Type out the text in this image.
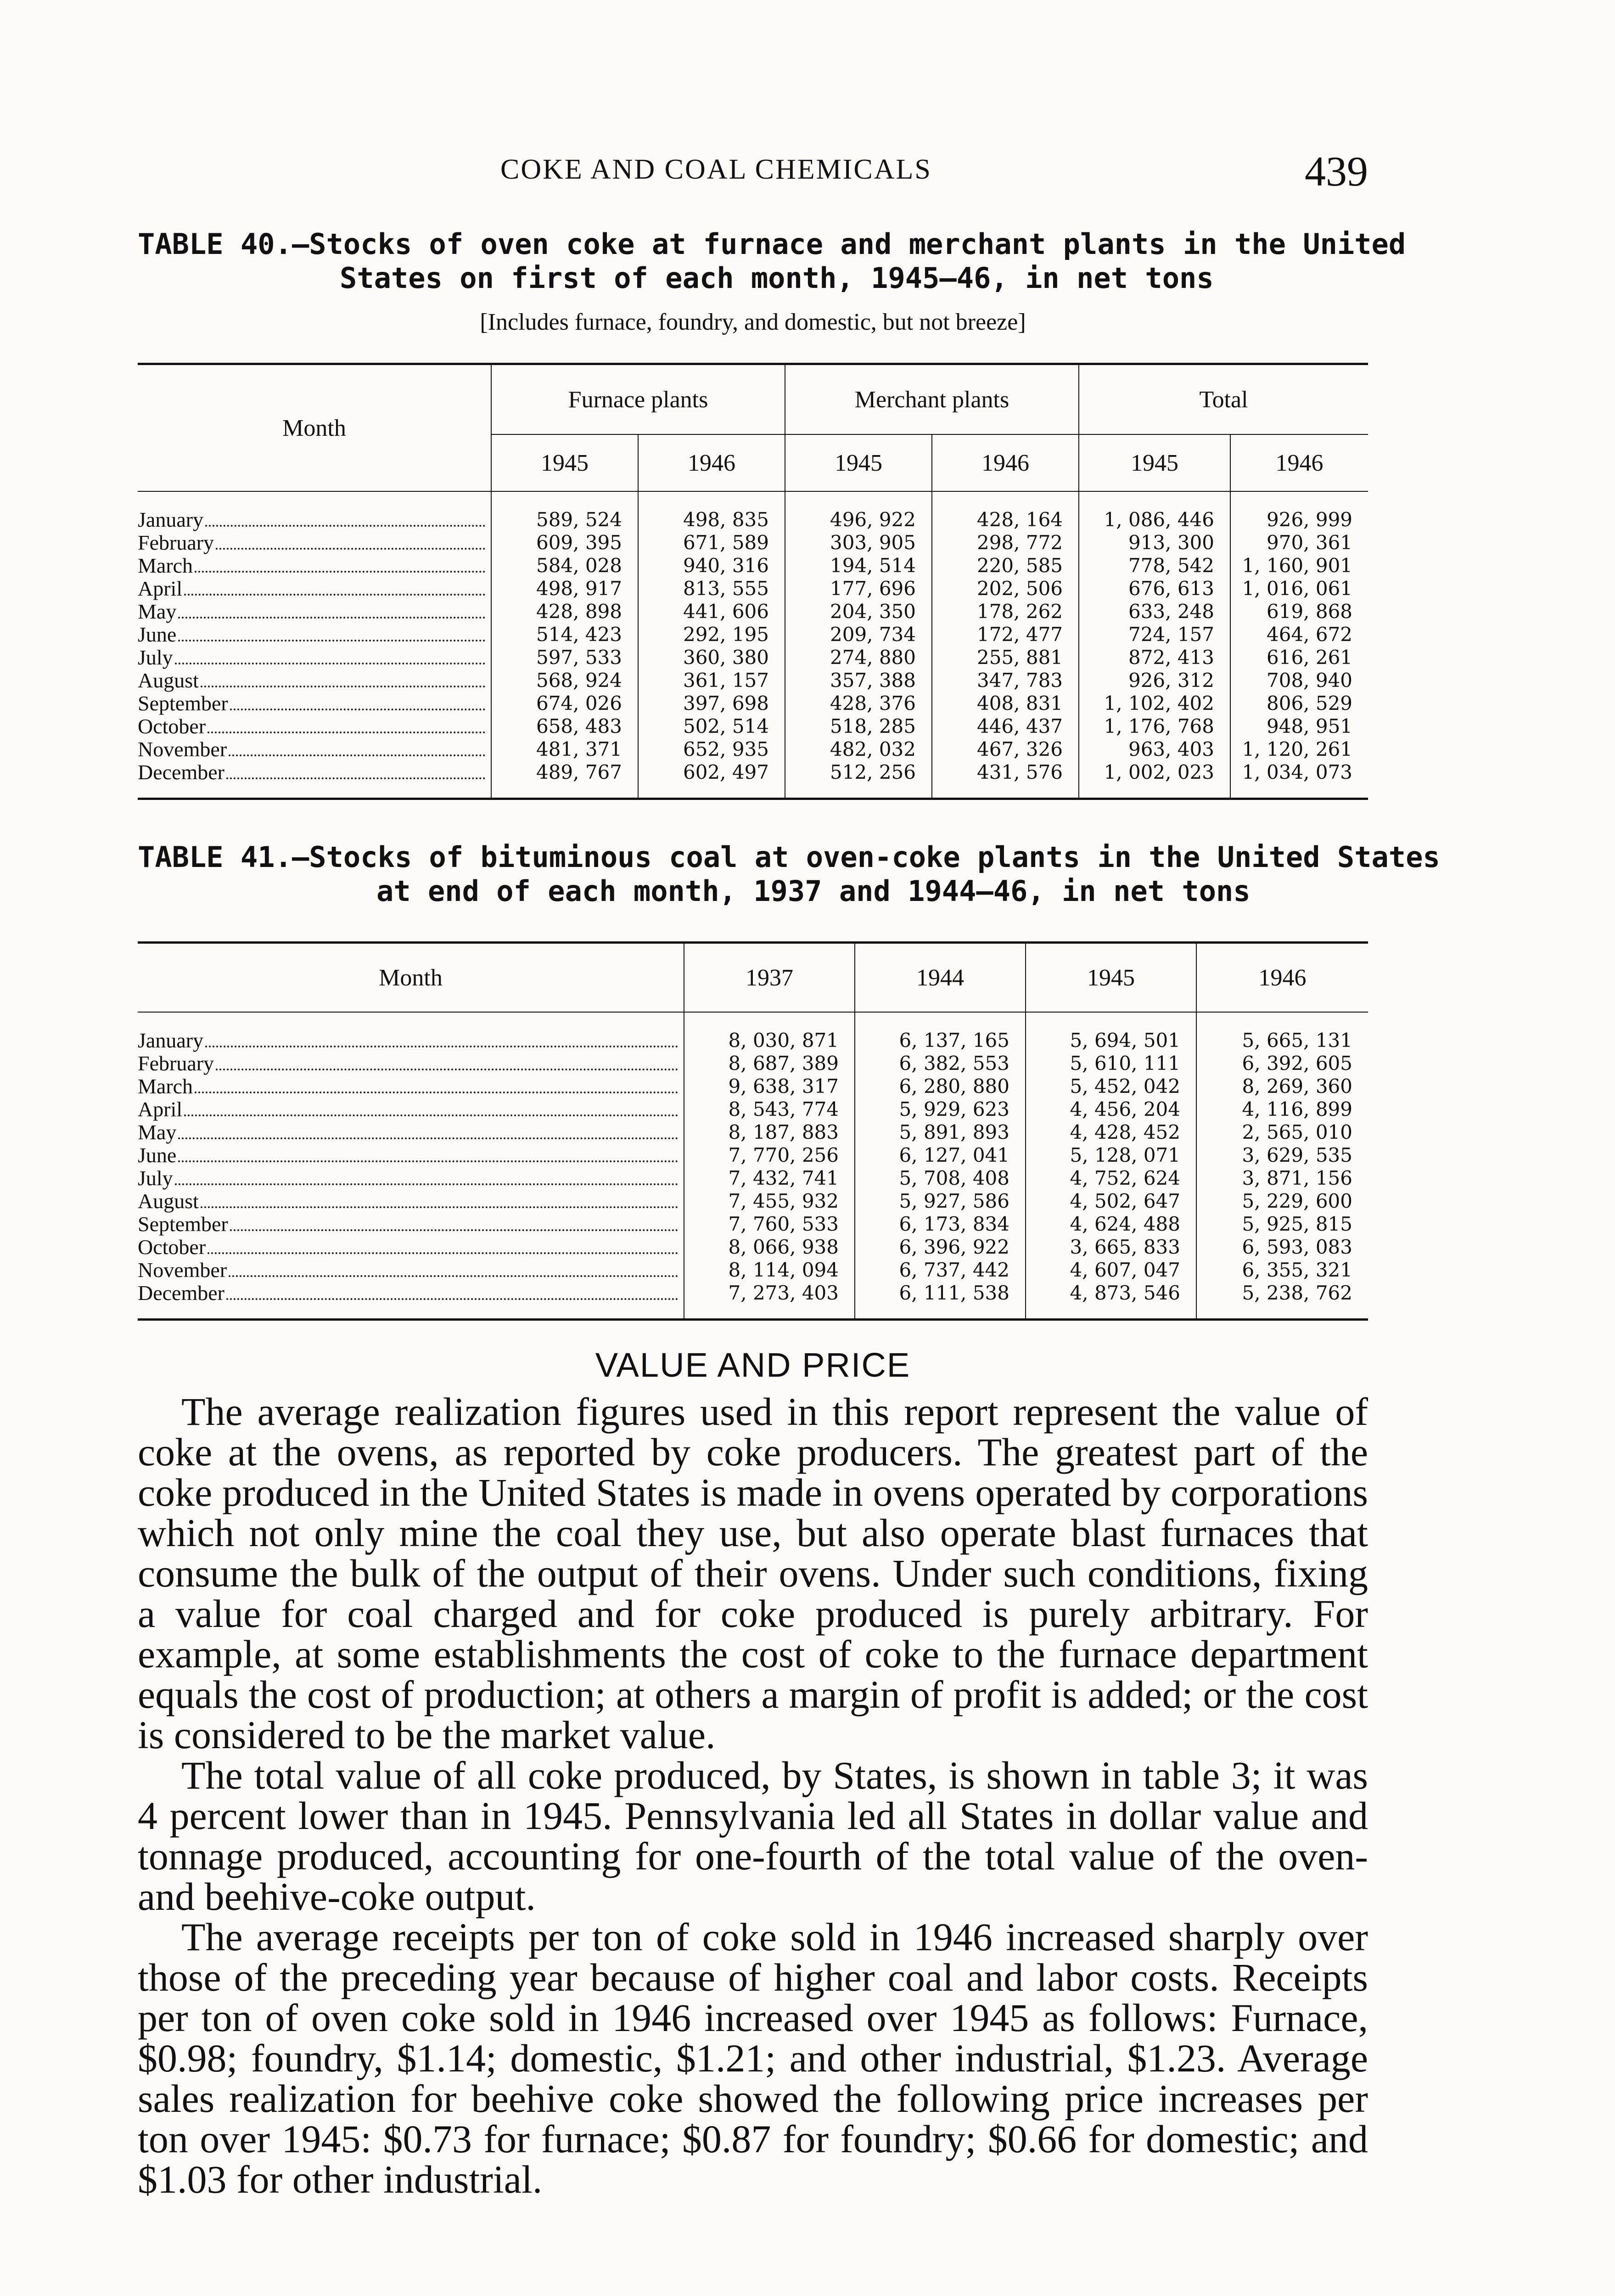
COKE AND COAL CHEMICALS	439
TABLE 40.—Stocks of oven coke at furnace and merchant plants in the United
States on first of each month, 1945–46, in net tons
[Includes furnace, foundry, and domestic, but not breeze]
Month	Furnace plants		Merchant plants		Total	
	1945	1946	1945	1946	1945	1946

January	589, 524	498, 835	496, 922	428, 164	1, 086, 446	926, 999

February	609, 395	671, 589	303, 905	298, 772	913, 300	970, 361

March	584, 028	940, 316	194, 514	220, 585	778, 542	1, 160, 901

April	498, 917	813, 555	177, 696	202, 506	676, 613	1, 016, 061

May	428, 898	441, 606	204, 350	178, 262	633, 248	619, 868

June	514, 423	292, 195	209, 734	172, 477	724, 157	464, 672

July	597, 533	360, 380	274, 880	255, 881	872, 413	616, 261

August	568, 924	361, 157	357, 388	347, 783	926, 312	708, 940

September	674, 026	397, 698	428, 376	408, 831	1, 102, 402	806, 529

October	658, 483	502, 514	518, 285	446, 437	1, 176, 768	948, 951

November	481, 371	652, 935	482, 032	467, 326	963, 403	1, 120, 261

December	489, 767	602, 497	512, 256	431, 576	1, 002, 023	1, 034, 073
TABLE 41.—Stocks of bituminous coal at oven-coke plants in the United States
at end of each month, 1937 and 1944–46, in net tons
Month	1937	1944	1945	1946

January	8, 030, 871	6, 137, 165	5, 694, 501	5, 665, 131

February	8, 687, 389	6, 382, 553	5, 610, 111	6, 392, 605

March	9, 638, 317	6, 280, 880	5, 452, 042	8, 269, 360

April	8, 543, 774	5, 929, 623	4, 456, 204	4, 116, 899

May	8, 187, 883	5, 891, 893	4, 428, 452	2, 565, 010

June	7, 770, 256	6, 127, 041	5, 128, 071	3, 629, 535

July	7, 432, 741	5, 708, 408	4, 752, 624	3, 871, 156

August	7, 455, 932	5, 927, 586	4, 502, 647	5, 229, 600

September	7, 760, 533	6, 173, 834	4, 624, 488	5, 925, 815

October	8, 066, 938	6, 396, 922	3, 665, 833	6, 593, 083

November	8, 114, 094	6, 737, 442	4, 607, 047	6, 355, 321

December	7, 273, 403	6, 111, 538	4, 873, 546	5, 238, 762
VALUE AND PRICE

The average realization figures used in this report represent the value of coke at the ovens, as reported by coke producers. The greatest part of the coke produced in the United States is made in ovens operated by corporations which not only mine the coal they use, but also operate blast furnaces that consume the bulk of the output of their ovens. Under such conditions, fixing a value for coal charged and for coke produced is purely arbitrary. For example, at some establishments the cost of coke to the furnace department equals the cost of production; at others a margin of profit is added; or the cost is considered to be the market value.

The total value of all coke produced, by States, is shown in table 3; it was 4 percent lower than in 1945. Pennsylvania led all States in dollar value and tonnage produced, accounting for one-fourth of the total value of the oven- and beehive-coke output.

The average receipts per ton of coke sold in 1946 increased sharply over those of the preceding year because of higher coal and labor costs. Receipts per ton of oven coke sold in 1946 increased over 1945 as follows: Furnace, $0.98; foundry, $1.14; domestic, $1.21; and other industrial, $1.23. Average sales realization for beehive coke showed the following price increases per ton over 1945: $0.73 for furnace; $0.87 for foundry; $0.66 for domestic; and $1.03 for other industrial.
